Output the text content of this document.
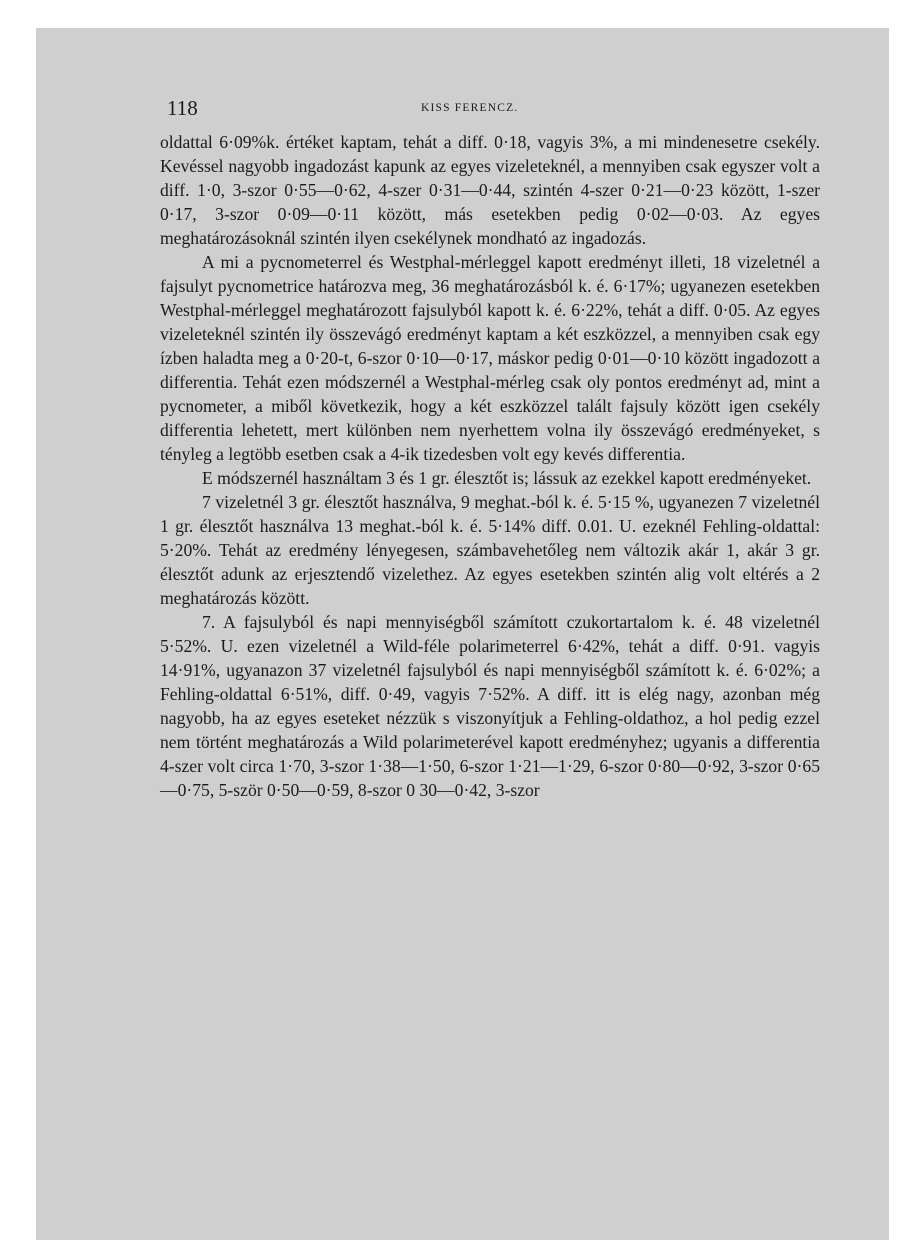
118	KISS FERENCZ.

oldattal 6·09%k. értéket kaptam, tehát a diff. 0·18, vagyis 3%, a mi mindenesetre csekély. Kevéssel nagyobb ingadozást kapunk az egyes vizeleteknél, a mennyiben csak egyszer volt a diff. 1·0, 3-szor 0·55—0·62, 4-szer 0·31—0·44, szintén 4-szer 0·21—0·23 között, 1-szer 0·17, 3-szor 0·09—0·11 között, más esetekben pedig 0·02—0·03. Az egyes meghatározásoknál szintén ilyen csekélynek mondható az ingadozás.

A mi a pycnometerrel és Westphal-mérleggel kapott eredményt illeti, 18 vizeletnél a fajsulyt pycnometrice határozva meg, 36 meghatározásból k. é. 6·17%; ugyanezen esetekben Westphal-mérleggel meghatározott fajsulyból kapott k. é. 6·22%, tehát a diff. 0·05. Az egyes vizeleteknél szintén ily összevágó eredményt kaptam a két eszközzel, a mennyiben csak egy ízben haladta meg a 0·20-t, 6-szor 0·10—0·17, máskor pedig 0·01—0·10 között ingadozott a differentia. Tehát ezen módszernél a Westphal-mérleg csak oly pontos eredményt ad, mint a pycnometer, a miből következik, hogy a két eszközzel talált fajsuly között igen csekély differentia lehetett, mert különben nem nyerhettem volna ily összevágó eredményeket, s tényleg a legtöbb esetben csak a 4-ik tizedesben volt egy kevés differentia.

E módszernél használtam 3 és 1 gr. élesztőt is; lássuk az ezekkel kapott eredményeket.

7 vizeletnél 3 gr. élesztőt használva, 9 meghat.-ból k. é. 5·15 %, ugyanezen 7 vizeletnél 1 gr. élesztőt használva 13 meghat.-ból k. é. 5·14% diff. 0.01. U. ezeknél Fehling-oldattal: 5·20%. Tehát az eredmény lényegesen, számbavehetőleg nem változik akár 1, akár 3 gr. élesztőt adunk az erjesztendő vizelethez. Az egyes esetekben szintén alig volt eltérés a 2 meghatározás között.

7. A fajsulyból és napi mennyiségből számított czukortartalom k. é. 48 vizeletnél 5·52%. U. ezen vizeletnél a Wild-féle polarimeterrel 6·42%, tehát a diff. 0·91. vagyis 14·91%, ugyanazon 37 vizeletnél fajsulyból és napi mennyiségből számított k. é. 6·02%; a Fehling-oldattal 6·51%, diff. 0·49, vagyis 7·52%. A diff. itt is elég nagy, azonban még nagyobb, ha az egyes eseteket nézzük s viszonyítjuk a Fehling-oldathoz, a hol pedig ezzel nem történt meghatározás a Wild polarimeterével kapott eredményhez; ugyanis a differentia 4-szer volt circa 1·70, 3-szor 1·38—1·50, 6-szor 1·21—1·29, 6-szor 0·80—0·92, 3-szor 0·65—0·75, 5-ször 0·50—0·59, 8-szor 0 30—0·42, 3-szor
